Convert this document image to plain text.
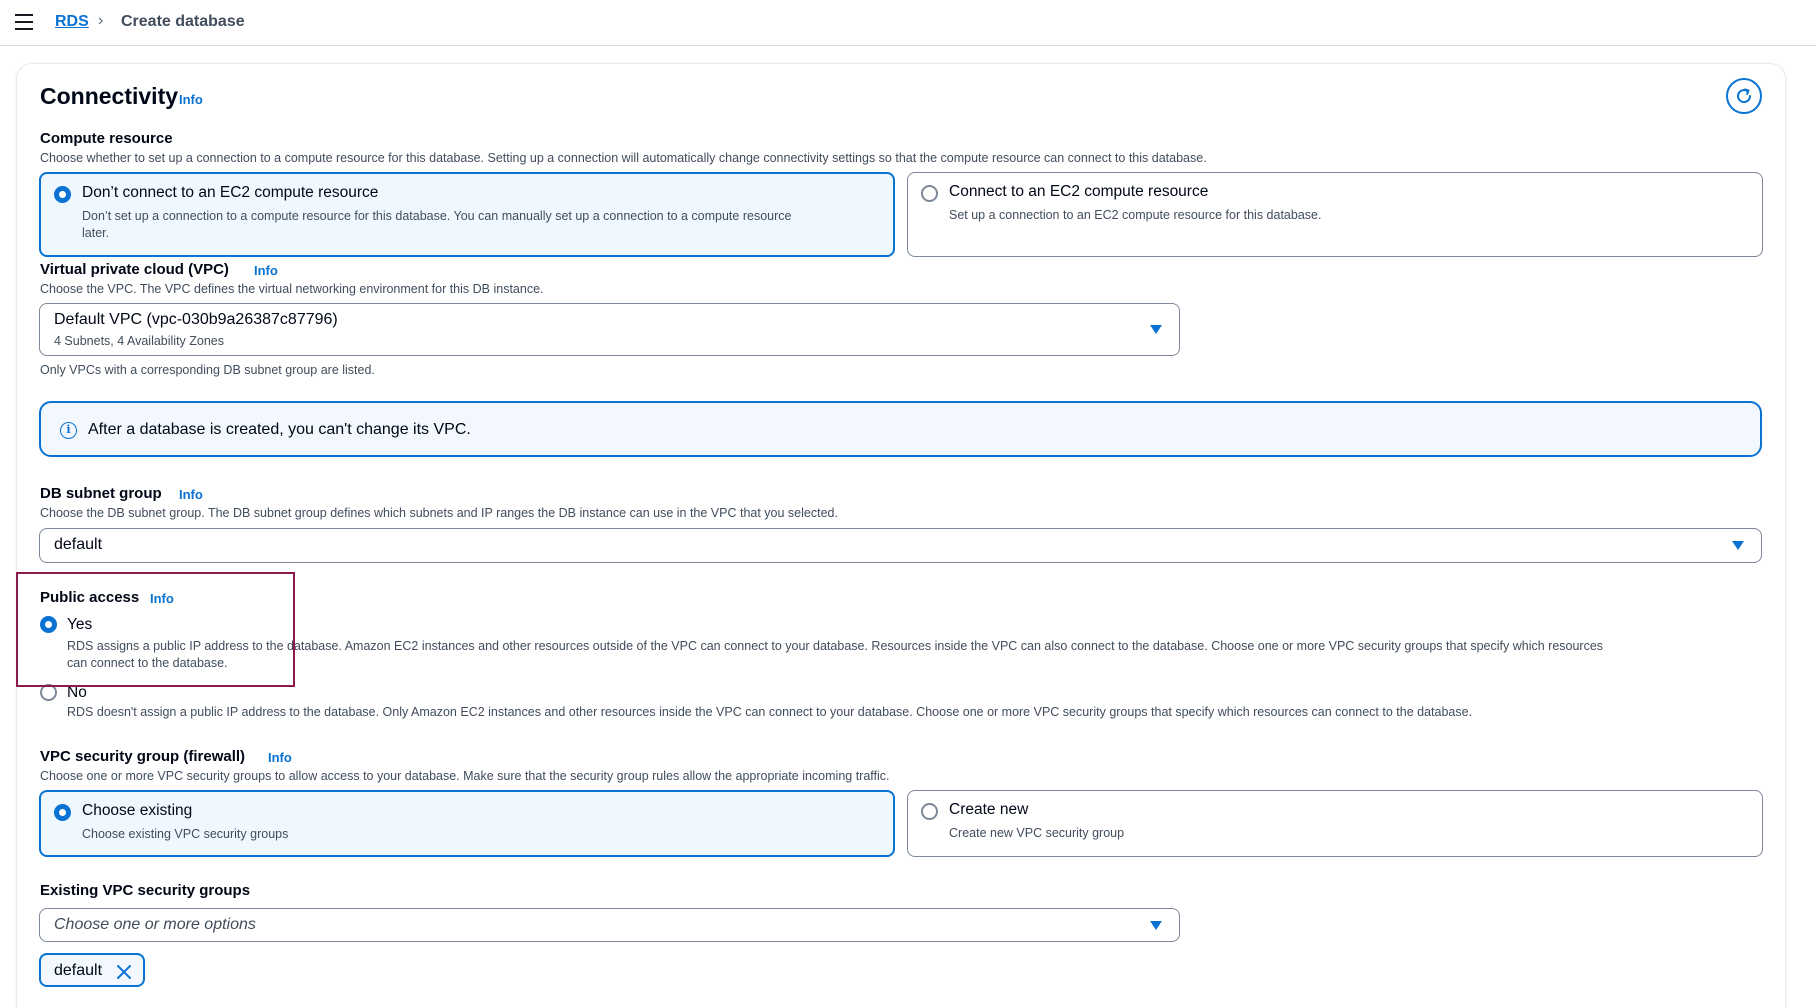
RDS › Create database
Connectivity Info
Compute resource
Choose whether to set up a connection to a compute resource for this database. Setting up a connection will automatically change connectivity settings so that the compute resource can connect to this database.
Don’t connect to an EC2 compute resource
Don’t set up a connection to a compute resource for this database. You can manually set up a connection to a compute resource
later.
Connect to an EC2 compute resource
Set up a connection to an EC2 compute resource for this database.
Virtual private cloud (VPC) Info
Choose the VPC. The VPC defines the virtual networking environment for this DB instance.
Default VPC (vpc-030b9a26387c87796)
4 Subnets, 4 Availability Zones
Only VPCs with a corresponding DB subnet group are listed.
i	After a database is created, you can't change its VPC.
DB subnet group Info
Choose the DB subnet group. The DB subnet group defines which subnets and IP ranges the DB instance can use in the VPC that you selected.
default
Public access Info
Yes
RDS assigns a public IP address to the database. Amazon EC2 instances and other resources outside of the VPC can connect to your database. Resources inside the VPC can also connect to the database. Choose one or more VPC security groups that specify which resources
can connect to the database.
No
RDS doesn't assign a public IP address to the database. Only Amazon EC2 instances and other resources inside the VPC can connect to your database. Choose one or more VPC security groups that specify which resources can connect to the database.
VPC security group (firewall) Info
Choose one or more VPC security groups to allow access to your database. Make sure that the security group rules allow the appropriate incoming traffic.
Choose existing
Choose existing VPC security groups
Create new
Create new VPC security group
Existing VPC security groups
Choose one or more options
default
